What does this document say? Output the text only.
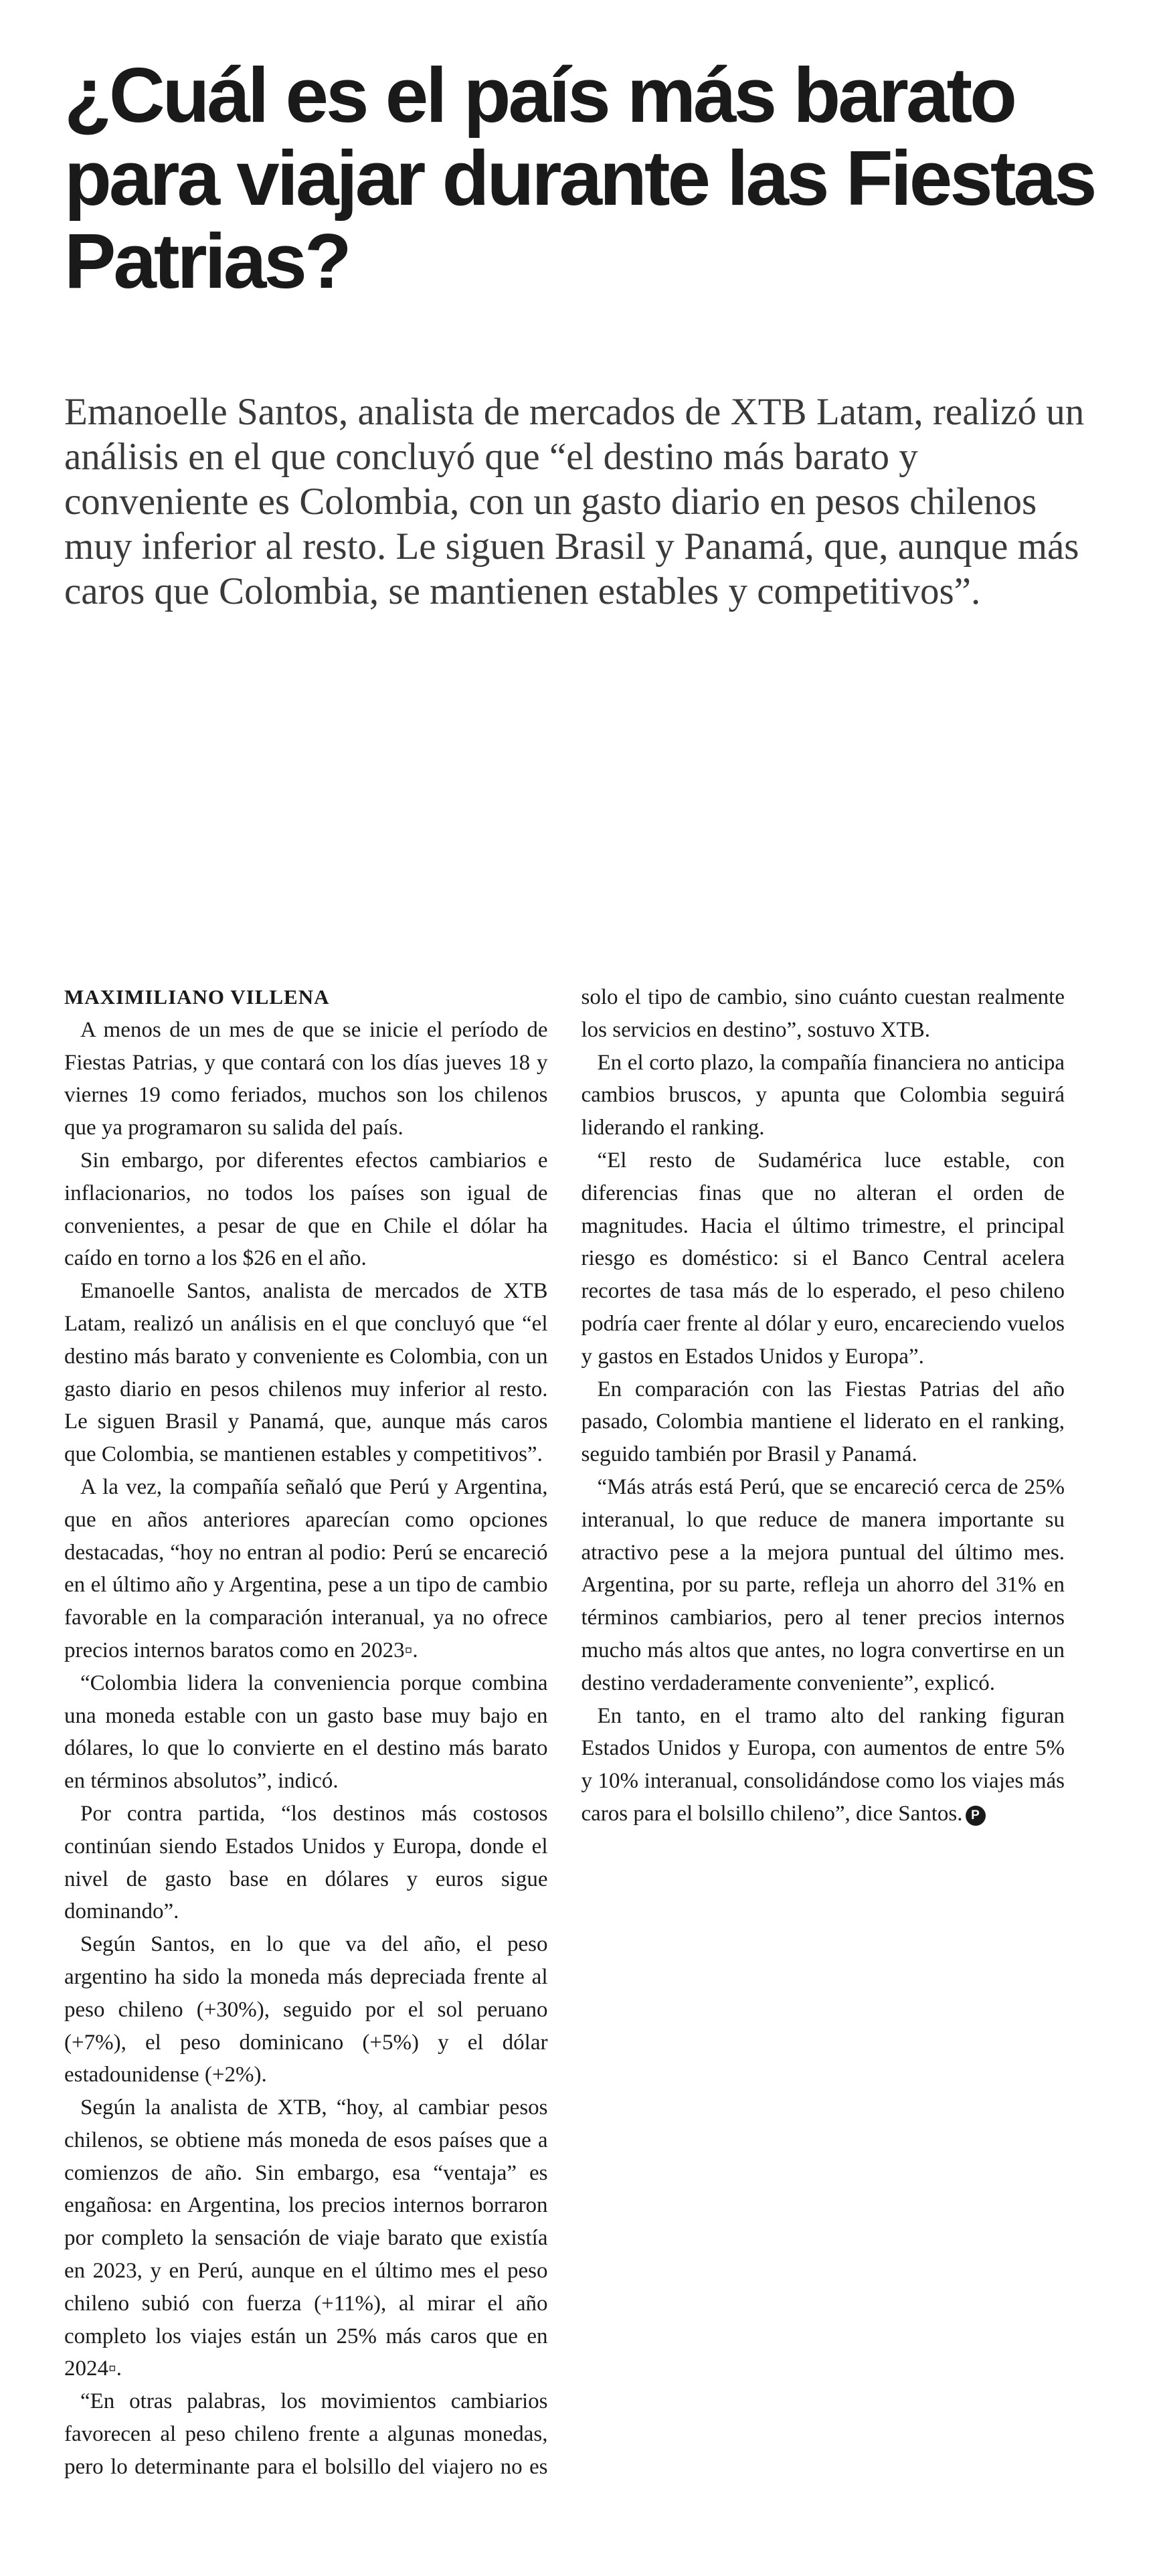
¿Cuál es el país más barato para viajar durante las Fiestas Patrias?

Emanoelle Santos, analista de mercados de XTB Latam, realizó un análisis en el que concluyó que “el destino más barato y conveniente es Colombia, con un gasto diario en pesos chilenos muy inferior al resto. Le siguen Brasil y Panamá, que, aunque más caros que Colombia, se mantienen estables y competitivos”.

MAXIMILIANO VILLENA

A menos de un mes de que se inicie el período de Fiestas Patrias, y que contará con los días jueves 18 y viernes 19 como feriados, muchos son los chilenos que ya programaron su salida del país.

Sin embargo, por diferentes efectos cambiarios e inflacionarios, no todos los países son igual de convenientes, a pesar de que en Chile el dólar ha caído en torno a los $26 en el año.

Emanoelle Santos, analista de mercados de XTB Latam, realizó un análisis en el que concluyó que “el destino más barato y conveniente es Colombia, con un gasto diario en pesos chilenos muy inferior al resto. Le siguen Brasil y Panamá, que, aunque más caros que Colombia, se mantienen estables y competitivos”.

A la vez, la compañía señaló que Perú y Argentina, que en años anteriores aparecían como opciones destacadas, “hoy no entran al podio: Perú se encareció en el último año y Argentina, pese a un tipo de cambio favorable en la comparación interanual, ya no ofrece precios internos baratos como en 2023▫.

“Colombia lidera la conveniencia porque combina una moneda estable con un gasto base muy bajo en dólares, lo que lo convierte en el destino más barato en términos absolutos”, indicó.

Por contra partida, “los destinos más costosos continúan siendo Estados Unidos y Europa, donde el nivel de gasto base en dólares y euros sigue dominando”.

Según Santos, en lo que va del año, el peso argentino ha sido la moneda más depreciada frente al peso chileno (+30%), seguido por el sol peruano (+7%), el peso dominicano (+5%) y el dólar estadounidense (+2%).

Según la analista de XTB, “hoy, al cambiar pesos chilenos, se obtiene más moneda de esos países que a comienzos de año. Sin embargo, esa “ventaja” es engañosa: en Argentina, los precios internos borraron por completo la sensación de viaje barato que existía en 2023, y en Perú, aunque en el último mes el peso chileno subió con fuerza (+11%), al mirar el año completo los viajes están un 25% más caros que en 2024▫.

“En otras palabras, los movimientos cambiarios favorecen al peso chileno frente a algunas monedas, pero lo determinante para el bolsillo del viajero no es solo el tipo de cambio, sino cuánto cuestan realmente los servicios en destino”, sostuvo XTB.

En el corto plazo, la compañía financiera no anticipa cambios bruscos, y apunta que Colombia seguirá liderando el ranking.

“El resto de Sudamérica luce estable, con diferencias finas que no alteran el orden de magnitudes. Hacia el último trimestre, el principal riesgo es doméstico: si el Banco Central acelera recortes de tasa más de lo esperado, el peso chileno podría caer frente al dólar y euro, encareciendo vuelos y gastos en Estados Unidos y Europa”.

En comparación con las Fiestas Patrias del año pasado, Colombia mantiene el liderato en el ranking, seguido también por Brasil y Panamá.

“Más atrás está Perú, que se encareció cerca de 25% interanual, lo que reduce de manera importante su atractivo pese a la mejora puntual del último mes. Argentina, por su parte, refleja un ahorro del 31% en términos cambiarios, pero al tener precios internos mucho más altos que antes, no logra convertirse en un destino verdaderamente conveniente”, explicó.

En tanto, en el tramo alto del ranking figuran Estados Unidos y Europa, con aumentos de entre 5% y 10% interanual, consolidándose como los viajes más caros para el bolsillo chileno”, dice Santos. P
